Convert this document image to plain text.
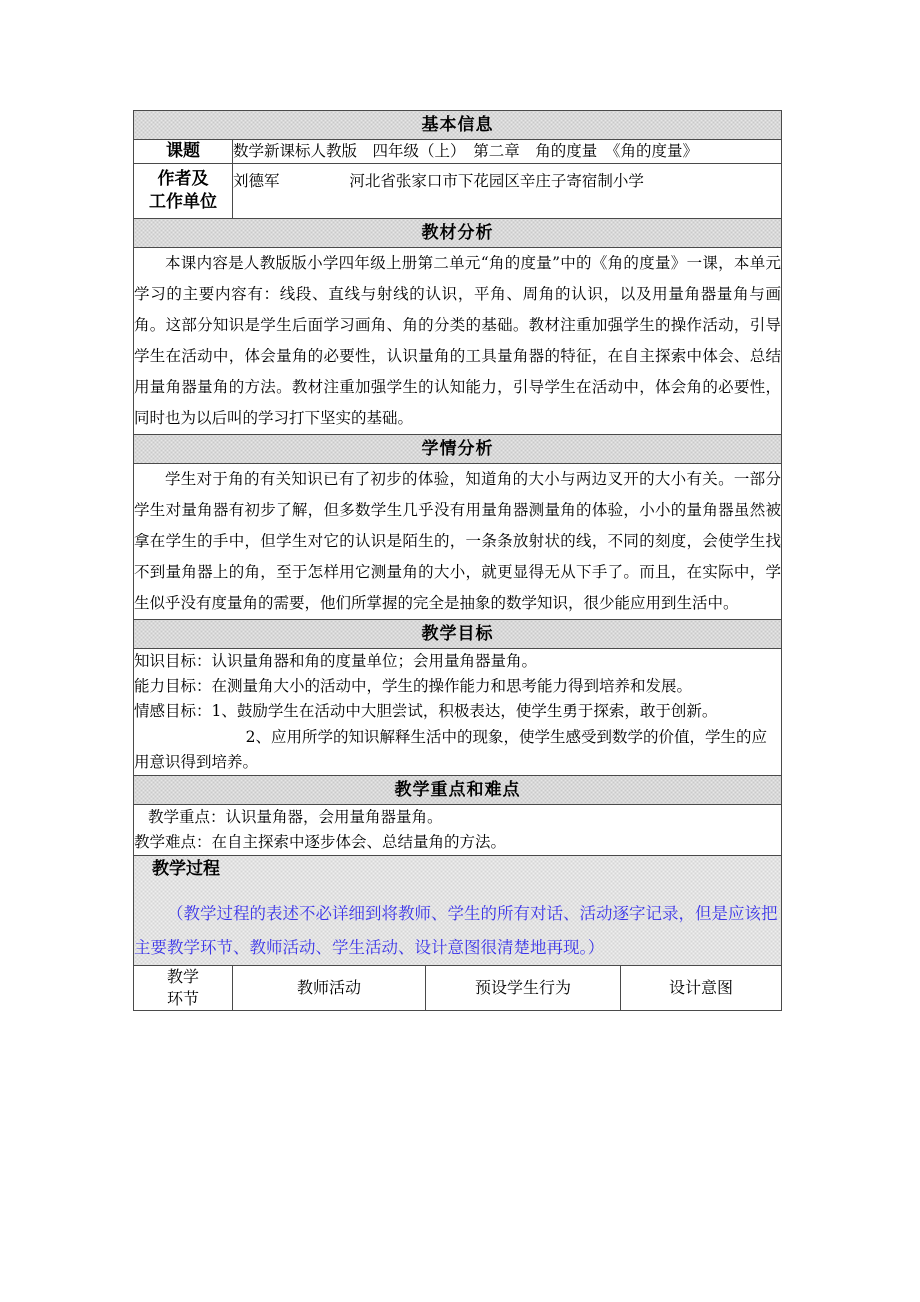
基本信息			
课题	数学新课标人教版　四年级（上）　第二章　角的度量　《角的度量》		

作者及
工作单位	刘德军 河北省张家口市下花园区辛庄子寄宿制小学		
教材分析			

本课内容是人教版版小学四年级上册第二单元“角的度量”中的《角的度量》一课，本单元学习的主要内容有：线段、直线与射线的认识，平角、周角的认识，以及用量角器量角与画角。这部分知识是学生后面学习画角、角的分类的基础。教材注重加强学生的操作活动，引导学生在活动中，体会量角的必要性，认识量角的工具量角器的特征，在自主探索中体会、总结用量角器量角的方法。教材注重加强学生的认知能力，引导学生在活动中，体会角的必要性，同时也为以后叫的学习打下坚实的基础。			

学情分析			

学生对于角的有关知识已有了初步的体验，知道角的大小与两边叉开的大小有关。一部分学生对量角器有初步了解，但多数学生几乎没有用量角器测量角的体验，小小的量角器虽然被拿在学生的手中，但学生对它的认识是陌生的，一条条放射状的线，不同的刻度，会使学生找不到量角器上的角，至于怎样用它测量角的大小，就更显得无从下手了。而且，在实际中，学生似乎没有度量角的需要，他们所掌握的完全是抽象的数学知识，很少能应用到生活中。			

教学目标			

知识目标：认识量角器和角的度量单位；会用量角器量角。

能力目标：在测量角大小的活动中，学生的操作能力和思考能力得到培养和发展。

情感目标：1、鼓励学生在活动中大胆尝试，积极表达，使学生勇于探索，敢于创新。

2、应用所学的知识解释生活中的现象，使学生感受到数学的价值，学生的应

用意识得到培养。			

教学重点和难点			

教学重点：认识量角器，会用量角器量角。

教学难点：在自主探索中逐步体会、总结量角的方法。			

教学过程

（教学过程的表述不必详细到将教师、学生的所有对话、活动逐字记录，但是应该把主要教学环节、教师活动、学生活动、设计意图很清楚地再现。）			

教学
环节	教师活动	预设学生行为	设计意图
